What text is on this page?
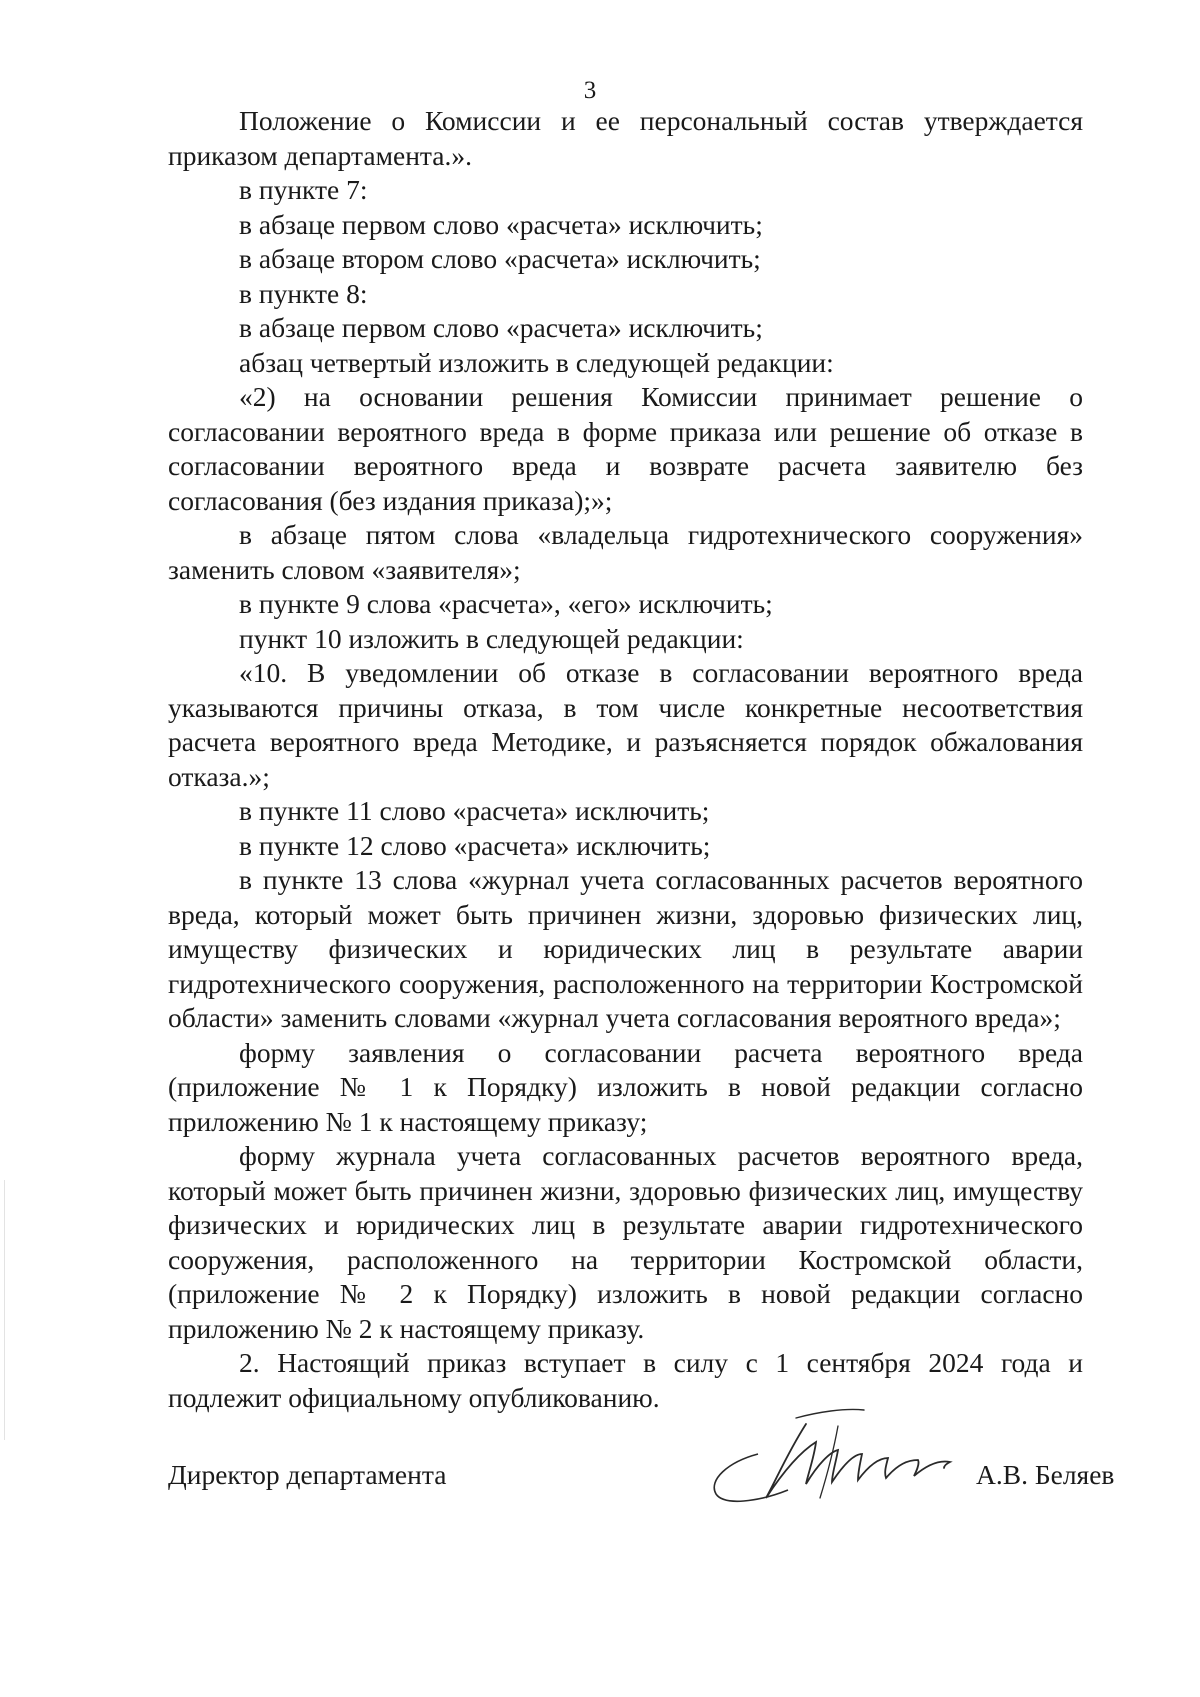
3

Положение о Комиссии и ее персональный состав утверждается приказом департамента.».

в пункте 7:

в абзаце первом слово «расчета» исключить;

в абзаце втором слово «расчета» исключить;

в пункте 8:

в абзаце первом слово «расчета» исключить;

абзац четвертый изложить в следующей редакции:

«2) на основании решения Комиссии принимает решение о согласовании вероятного вреда в форме приказа или решение об отказе в согласовании вероятного вреда и возврате расчета заявителю без согласования (без издания приказа);»;

в абзаце пятом слова «владельца гидротехнического сооружения» заменить словом «заявителя»;

в пункте 9 слова «расчета», «его» исключить;

пункт 10 изложить в следующей редакции:

«10. В уведомлении об отказе в согласовании вероятного вреда указываются причины отказа, в том числе конкретные несоответствия расчета вероятного вреда Методике, и разъясняется порядок обжалования отказа.»;

в пункте 11 слово «расчета» исключить;

в пункте 12 слово «расчета» исключить;

в пункте 13 слова «журнал учета согласованных расчетов вероятного вреда, который может быть причинен жизни, здоровью физических лиц, имуществу физических и юридических лиц в результате аварии гидротехнического сооружения, расположенного на территории Костромской области» заменить словами «журнал учета согласования вероятного вреда»;

форму заявления о согласовании расчета вероятного вреда (приложение № 1 к Порядку) изложить в новой редакции согласно приложению № 1 к настоящему приказу;

форму журнала учета согласованных расчетов вероятного вреда, который может быть причинен жизни, здоровью физических лиц, имуществу физических и юридических лиц в результате аварии гидротехнического сооружения, расположенного на территории Костромской области, (приложение № 2 к Порядку) изложить в новой редакции согласно приложению № 2 к настоящему приказу.

2. Настоящий приказ вступает в силу с 1 сентября 2024 года и подлежит официальному опубликованию.

Директор департамента	А.В. Беляев
